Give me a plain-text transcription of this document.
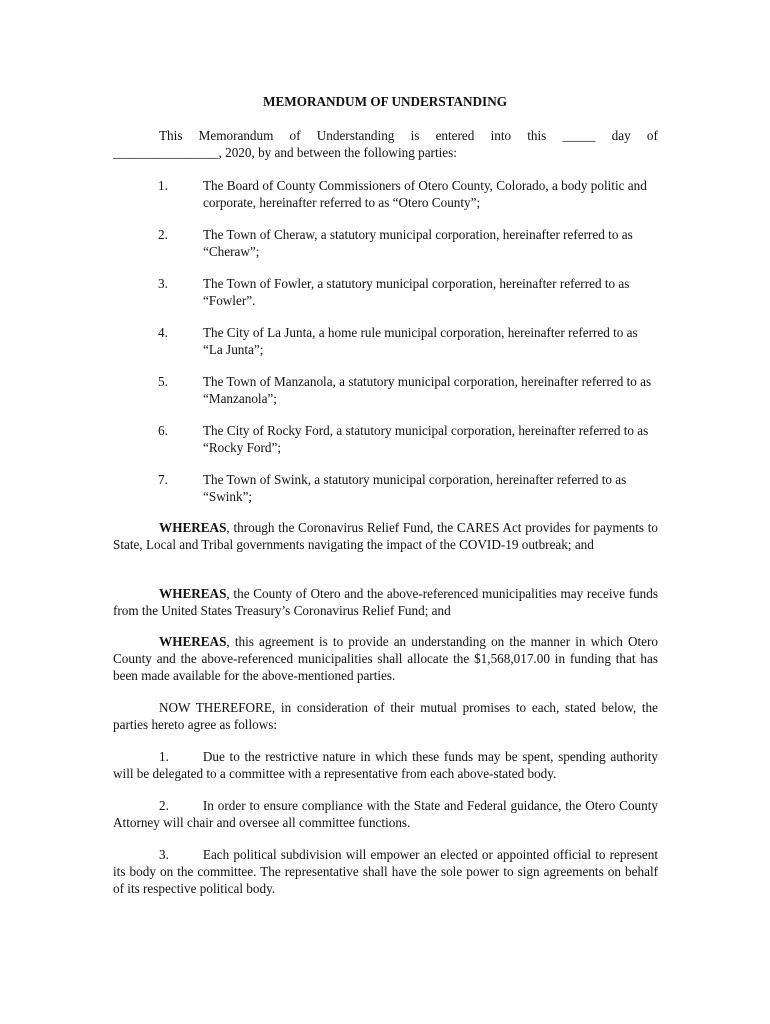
MEMORANDUM OF UNDERSTANDING
This Memorandum of Understanding is entered into this _____ day of
________________, 2020, by and between the following parties:
1.	The Board of County Commissioners of Otero County, Colorado, a body politic and corporate, hereinafter referred to as “Otero County”;
2.	The Town of Cheraw, a statutory municipal corporation, hereinafter referred to as “Cheraw”;
3.	The Town of Fowler, a statutory municipal corporation, hereinafter referred to as “Fowler”.
4.	The City of La Junta, a home rule municipal corporation, hereinafter referred to as “La Junta”;
5.	The Town of Manzanola, a statutory municipal corporation, hereinafter referred to as “Manzanola”;
6.	The City of Rocky Ford, a statutory municipal corporation, hereinafter referred to as “Rocky Ford”;
7.	The Town of Swink, a statutory municipal corporation, hereinafter referred to as “Swink”;
WHEREAS, through the Coronavirus Relief Fund, the CARES Act provides for payments to State, Local and Tribal governments navigating the impact of the COVID-19 outbreak; and
WHEREAS, the County of Otero and the above-referenced municipalities may receive funds from the United States Treasury’s Coronavirus Relief Fund; and
WHEREAS, this agreement is to provide an understanding on the manner in which Otero County and the above-referenced municipalities shall allocate the $1,568,017.00 in funding that has been made available for the above-mentioned parties.
NOW THEREFORE, in consideration of their mutual promises to each, stated below, the parties hereto agree as follows:
1.	Due to the restrictive nature in which these funds may be spent, spending authority will be delegated to a committee with a representative from each above-stated body.
2.	In order to ensure compliance with the State and Federal guidance, the Otero County Attorney will chair and oversee all committee functions.
3.	Each political subdivision will empower an elected or appointed official to represent its body on the committee. The representative shall have the sole power to sign agreements on behalf of its respective political body.
